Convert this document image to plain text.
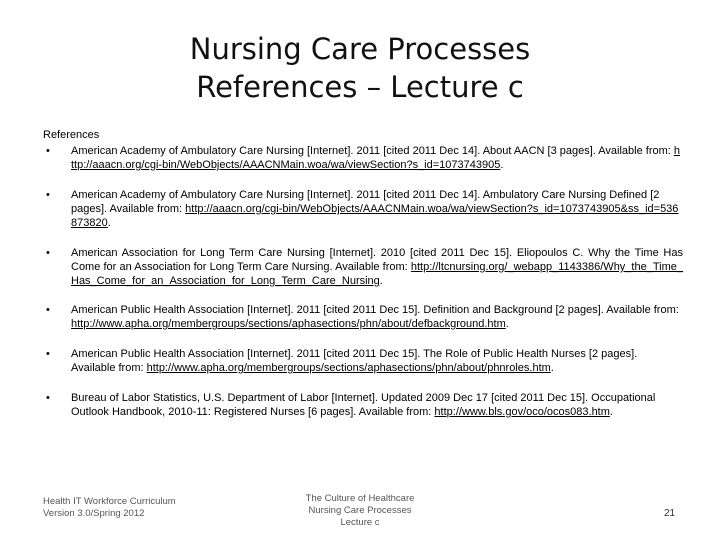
Nursing Care Processes
References – Lecture c
References
• American Academy of Ambulatory Care Nursing [Internet]. 2011 [cited 2011 Dec 14]. About AACN [3 pages]. Available from: http://aaacn.org/cgi-bin/WebObjects/AAACNMain.woa/wa/viewSection?s_id=1073743905.
• American Academy of Ambulatory Care Nursing [Internet]. 2011 [cited 2011 Dec 14]. Ambulatory Care Nursing Defined [2 pages]. Available from: http://aaacn.org/cgi-bin/WebObjects/AAACNMain.woa/wa/viewSection?s_id=1073743905&ss_id=536873820.
• American Association for Long Term Care Nursing [Internet]. 2010 [cited 2011 Dec 15]. Eliopoulos C. Why the Time Has Come for an Association for Long Term Care Nursing. Available from: http://ltcnursing.org/_webapp_1143386/Why_the_Time_Has_Come_for_an_Association_for_Long_Term_Care_Nursing.
• American Public Health Association [Internet]. 2011 [cited 2011 Dec 15]. Definition and Background [2 pages]. Available from: http://www.apha.org/membergroups/sections/aphasections/phn/about/defbackground.htm.
• American Public Health Association [Internet]. 2011 [cited 2011 Dec 15]. The Role of Public Health Nurses [2 pages]. Available from: http://www.apha.org/membergroups/sections/aphasections/phn/about/phnroles.htm.
• Bureau of Labor Statistics, U.S. Department of Labor [Internet]. Updated 2009 Dec 17 [cited 2011 Dec 15]. Occupational Outlook Handbook, 2010-11: Registered Nurses [6 pages]. Available from: http://www.bls.gov/oco/ocos083.htm.
Health IT Workforce Curriculum
Version 3.0/Spring 2012
The Culture of Healthcare
Nursing Care Processes
Lecture c
21
